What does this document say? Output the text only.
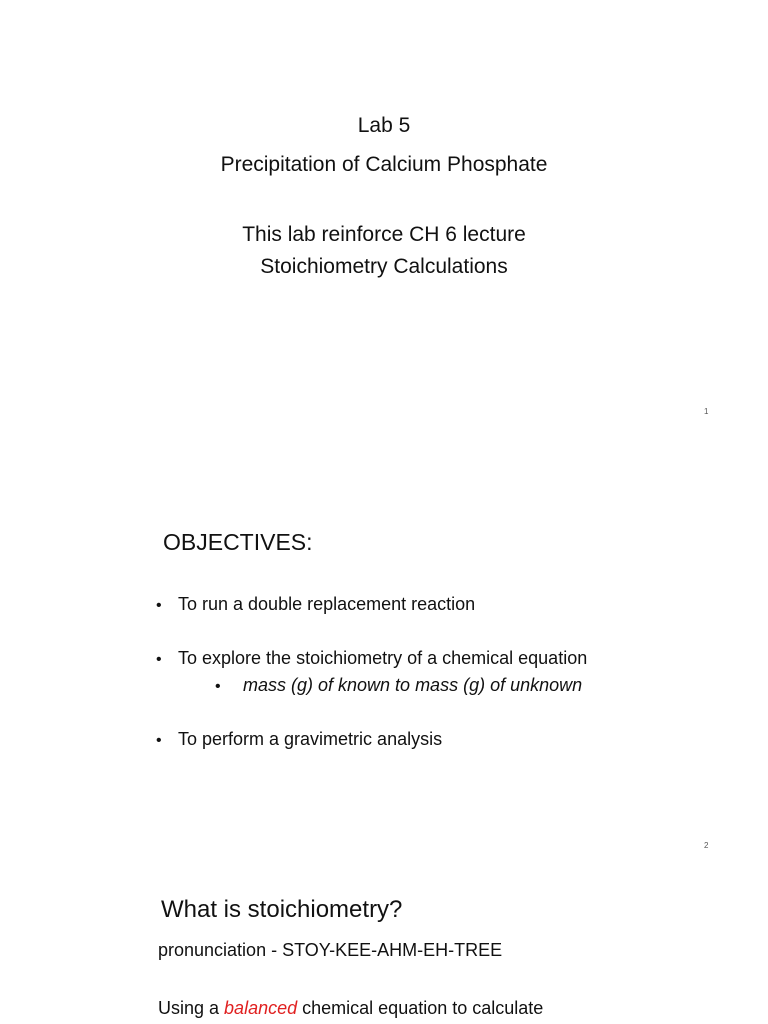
Lab 5
Precipitation of Calcium Phosphate
This lab reinforce CH 6 lecture
Stoichiometry Calculations
1
OBJECTIVES:
• To run a double replacement reaction
• To explore the stoichiometry of a chemical equation
• mass (g) of known to mass (g) of unknown
• To perform a gravimetric analysis
2
What is stoichiometry?
pronunciation - STOY-KEE-AHM-EH-TREE
Using a balanced chemical equation to calculate
